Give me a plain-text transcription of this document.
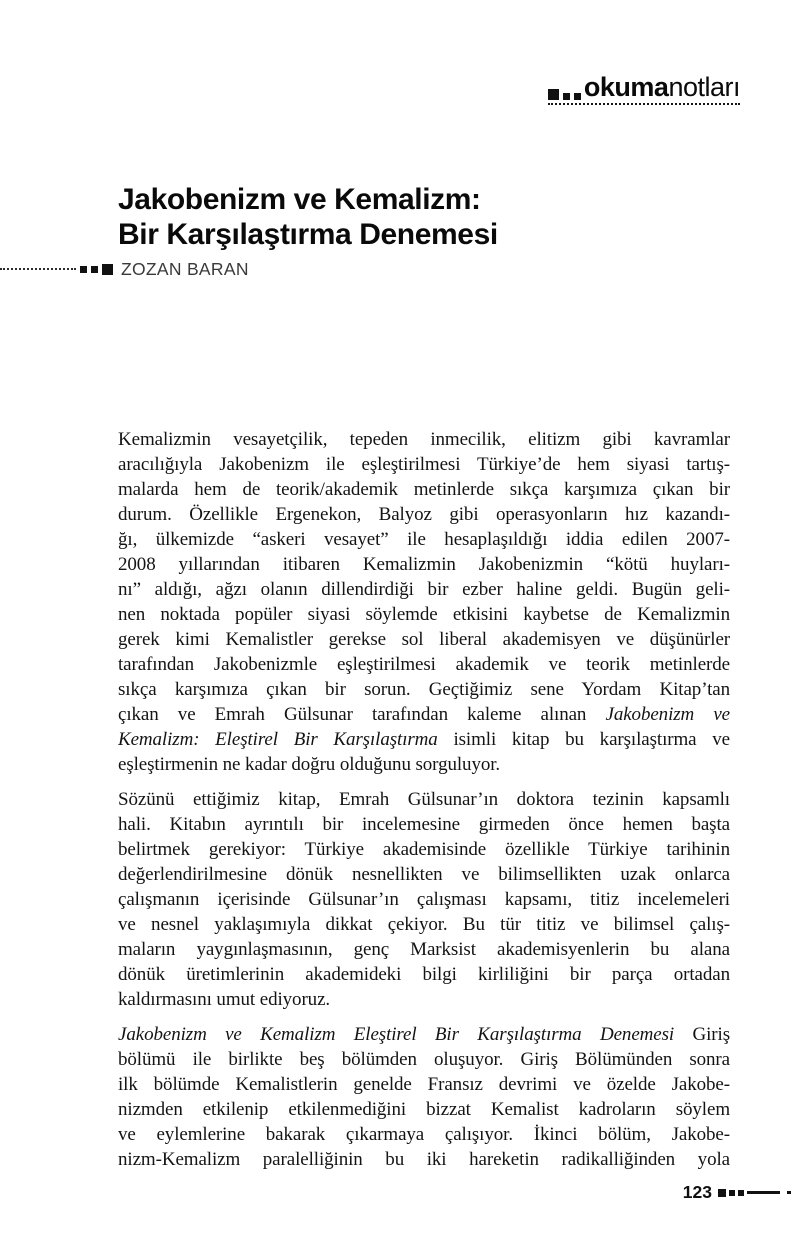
okumanotları
Jakobenizm ve Kemalizm:
Bir Karşılaştırma Denemesi
ZOZAN BARAN
Kemalizmin vesayetçilik, tepeden inmecilik, elitizm gibi kavramlar
aracılığıyla Jakobenizm ile eşleştirilmesi Türkiye’de hem siyasi tartış-
malarda hem de teorik/akademik metinlerde sıkça karşımıza çıkan bir
durum. Özellikle Ergenekon, Balyoz gibi operasyonların hız kazandı-
ğı, ülkemizde “askeri vesayet” ile hesaplaşıldığı iddia edilen 2007-
2008 yıllarından itibaren Kemalizmin Jakobenizmin “kötü huyları-
nı” aldığı, ağzı olanın dillendirdiği bir ezber haline geldi. Bugün geli-
nen noktada popüler siyasi söylemde etkisini kaybetse de Kemalizmin
gerek kimi Kemalistler gerekse sol liberal akademisyen ve düşünürler
tarafından Jakobenizmle eşleştirilmesi akademik ve teorik metinlerde
sıkça karşımıza çıkan bir sorun. Geçtiğimiz sene Yordam Kitap’tan
çıkan ve Emrah Gülsunar tarafından kaleme alınan Jakobenizm ve
Kemalizm: Eleştirel Bir Karşılaştırma isimli kitap bu karşılaştırma ve
eşleştirmenin ne kadar doğru olduğunu sorguluyor.
Sözünü ettiğimiz kitap, Emrah Gülsunar’ın doktora tezinin kapsamlı
hali. Kitabın ayrıntılı bir incelemesine girmeden önce hemen başta
belirtmek gerekiyor: Türkiye akademisinde özellikle Türkiye tarihinin
değerlendirilmesine dönük nesnellikten ve bilimsellikten uzak onlarca
çalışmanın içerisinde Gülsunar’ın çalışması kapsamı, titiz incelemeleri
ve nesnel yaklaşımıyla dikkat çekiyor. Bu tür titiz ve bilimsel çalış-
maların yaygınlaşmasının, genç Marksist akademisyenlerin bu alana
dönük üretimlerinin akademideki bilgi kirliliğini bir parça ortadan
kaldırmasını umut ediyoruz.
Jakobenizm ve Kemalizm Eleştirel Bir Karşılaştırma Denemesi Giriş
bölümü ile birlikte beş bölümden oluşuyor. Giriş Bölümünden sonra
ilk bölümde Kemalistlerin genelde Fransız devrimi ve özelde Jakobe-
nizmden etkilenip etkilenmediğini bizzat Kemalist kadroların söylem
ve eylemlerine bakarak çıkarmaya çalışıyor. İkinci bölüm, Jakobe-
nizm-Kemalizm paralelliğinin bu iki hareketin radikalliğinden yola
123
